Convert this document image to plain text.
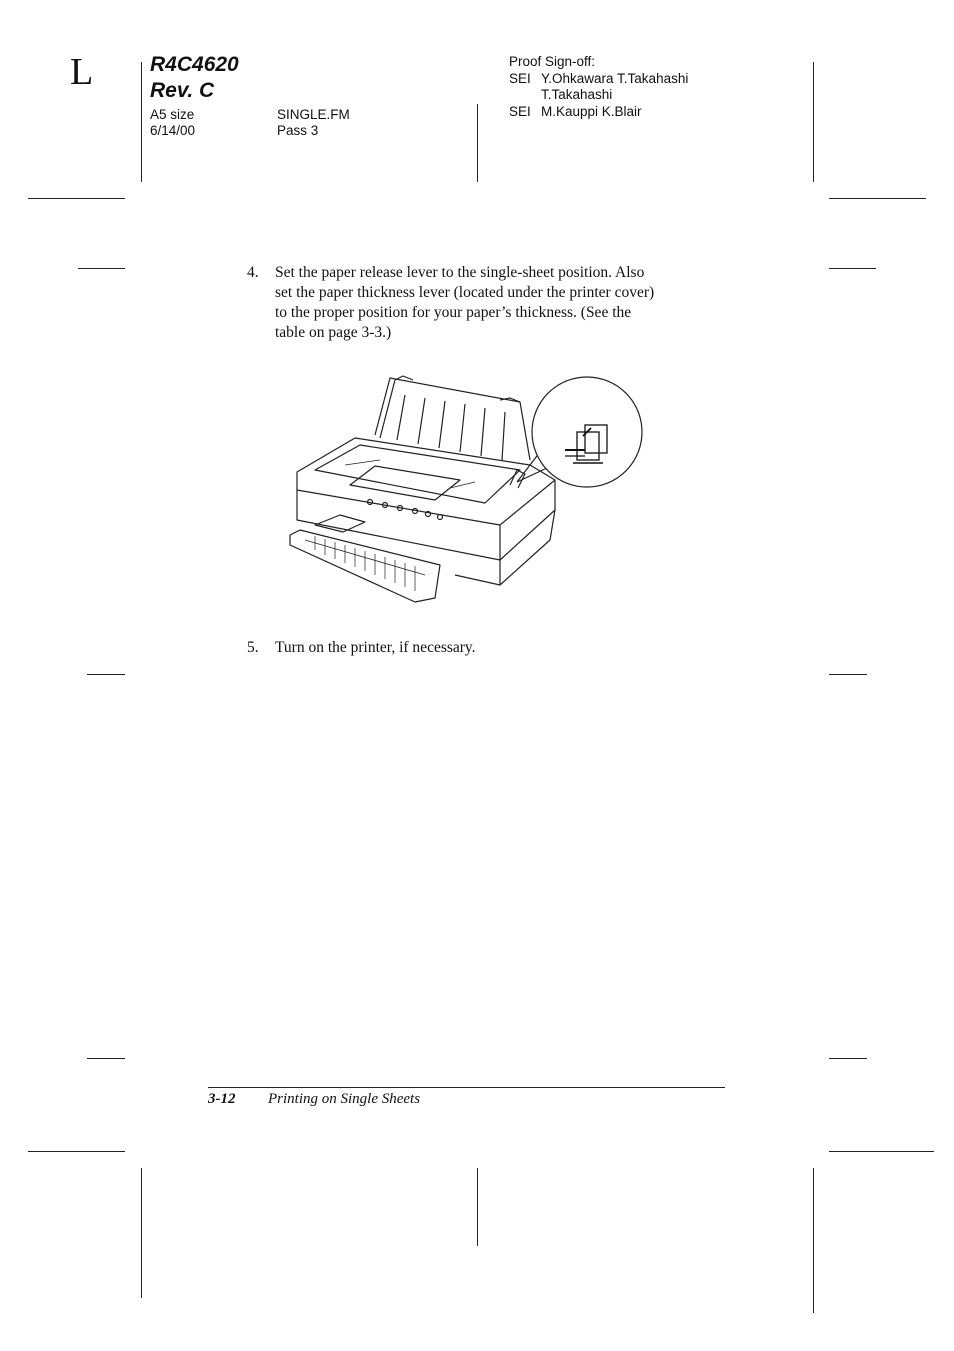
L	R4C4620
Rev. C
A5 size
6/14/00
SINGLE.FM
Pass 3
Proof Sign-off:
SEI Y.Ohkawara T.Takahashi
T.Takahashi
SEI M.Kauppi K.Blair
4. Set the paper release lever to the single-sheet position. Also
set the paper thickness lever (located under the printer cover)
to the proper position for your paper’s thickness. (See the
table on page 3-3.)
5. Turn on the printer, if necessary.
3-12 Printing on Single Sheets
